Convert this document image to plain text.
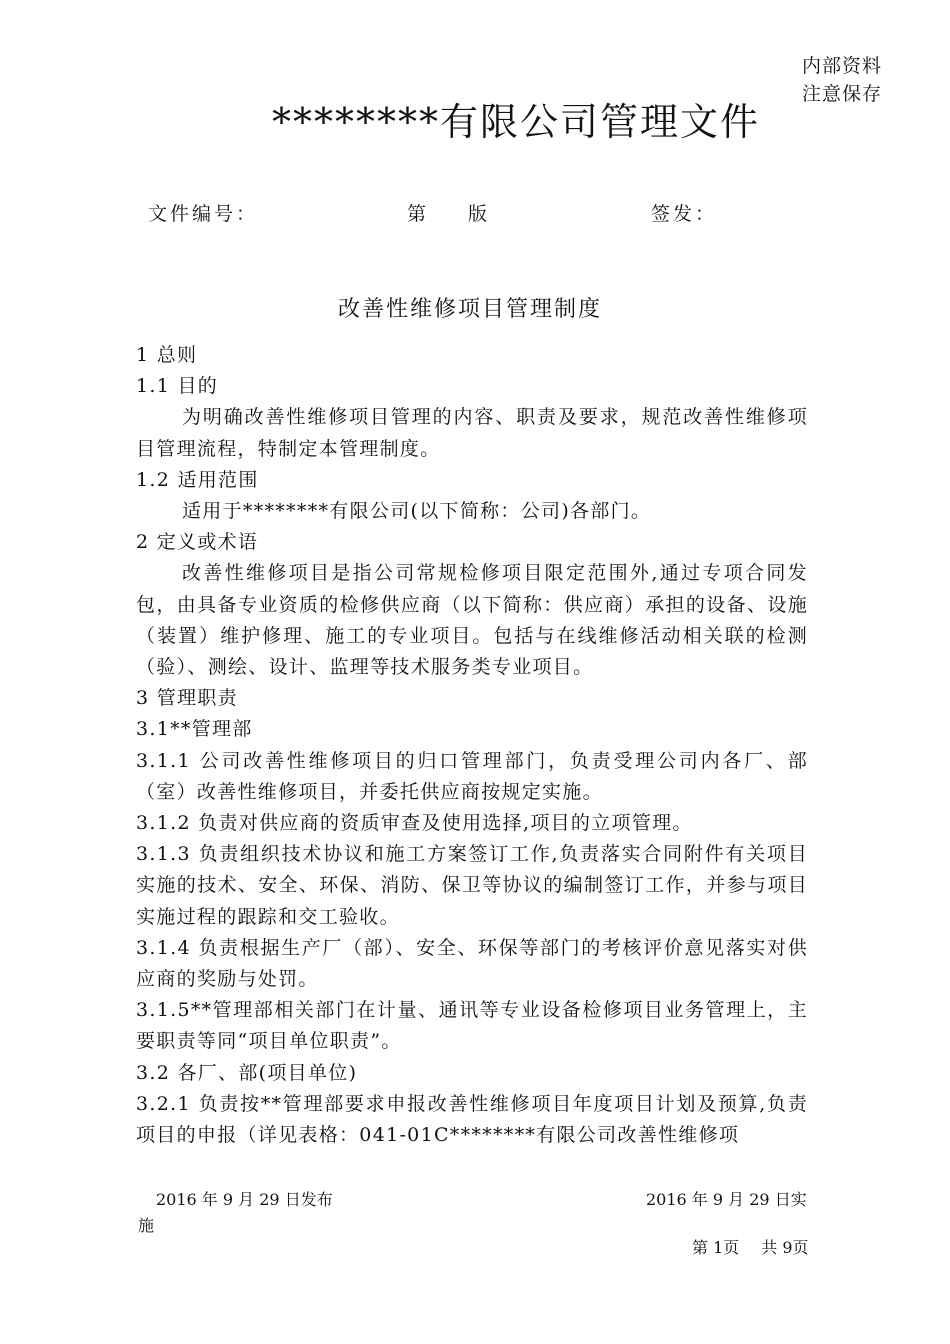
内部资料
注意保存
********有限公司管理文件
文件编号：	第 版	签发：
改善性维修项目管理制度

1 总则

1.1 目的

为明确改善性维修项目管理的内容、职责及要求，规范改善性维修项目管理流程，特制定本管理制度。

1.2 适用范围

适用于********有限公司(以下简称：公司)各部门。

2 定义或术语

改善性维修项目是指公司常规检修项目限定范围外,通过专项合同发包，由具备专业资质的检修供应商（以下简称：供应商）承担的设备、设施（装置）维护修理、施工的专业项目。包括与在线维修活动相关联的检测（验）、测绘、设计、监理等技术服务类专业项目。

3 管理职责

3.1**管理部

3.1.1 公司改善性维修项目的归口管理部门，负责受理公司内各厂、部（室）改善性维修项目，并委托供应商按规定实施。

3.1.2 负责对供应商的资质审查及使用选择,项目的立项管理。

3.1.3 负责组织技术协议和施工方案签订工作,负责落实合同附件有关项目实施的技术、安全、环保、消防、保卫等协议的编制签订工作，并参与项目实施过程的跟踪和交工验收。

3.1.4 负责根据生产厂（部）、安全、环保等部门的考核评价意见落实对供应商的奖励与处罚。

3.1.5**管理部相关部门在计量、通讯等专业设备检修项目业务管理上，主要职责等同“项目单位职责”。

3.2 各厂、部(项目单位)

3.2.1 负责按**管理部要求申报改善性维修项目年度项目计划及预算,负责项目的申报（详见表格：041-01C********有限公司改善性维修项

2016 年 9 月 29 日发布	2016 年 9 月 29 日实
施
第 1页 共 9页
